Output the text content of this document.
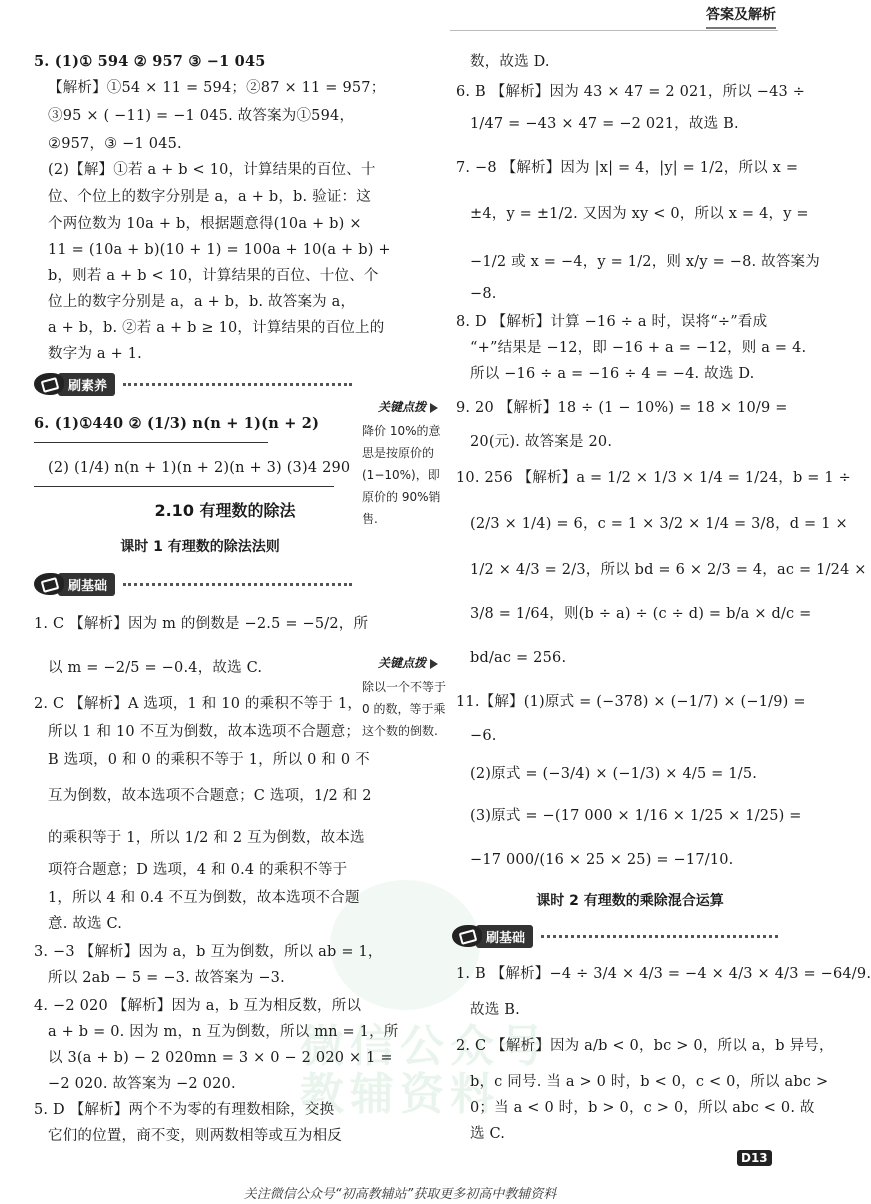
微信公众号
教辅资料
答案及解析
5. (1)① 594 ② 957 ③ −1 045
【解析】①54 × 11 = 594；②87 × 11 = 957；
③95 × ( −11) = −1 045. 故答案为①594，
②957，③ −1 045.
(2)【解】①若 a + b < 10，计算结果的百位、十
位、个位上的数字分别是 a，a + b，b. 验证：这
个两位数为 10a + b，根据题意得(10a + b) ×
11 = (10a + b)(10 + 1) = 100a + 10(a + b) +
b，则若 a + b < 10，计算结果的百位、十位、个
位上的数字分别是 a，a + b，b. 故答案为 a，
a + b，b. ②若 a + b ≥ 10，计算结果的百位上的
数字为 a + 1.
刷素养
6. (1)①440 ② (1/3) n(n + 1)(n + 2)
(2) (1/4) n(n + 1)(n + 2)(n + 3) (3)4 290
2.10 有理数的除法
课时 1 有理数的除法法则
刷基础
1. C 【解析】因为 m 的倒数是 −2.5 = −5/2，所
以 m = −2/5 = −0.4，故选 C.
2. C 【解析】A 选项，1 和 10 的乘积不等于 1，
所以 1 和 10 不互为倒数，故本选项不合题意；
B 选项，0 和 0 的乘积不等于 1，所以 0 和 0 不
互为倒数，故本选项不合题意；C 选项，1/2 和 2
的乘积等于 1，所以 1/2 和 2 互为倒数，故本选
项符合题意；D 选项，4 和 0.4 的乘积不等于
1，所以 4 和 0.4 不互为倒数，故本选项不合题
意. 故选 C.
3. −3 【解析】因为 a，b 互为倒数，所以 ab = 1，
所以 2ab − 5 = −3. 故答案为 −3.
4. −2 020 【解析】因为 a，b 互为相反数，所以
a + b = 0. 因为 m，n 互为倒数，所以 mn = 1，所
以 3(a + b) − 2 020mn = 3 × 0 − 2 020 × 1 =
−2 020. 故答案为 −2 020.
5. D 【解析】两个不为零的有理数相除，交换
它们的位置，商不变，则两数相等或互为相反
关键点拨
降价 10%的意思是按原价的(1−10%)，即原价的 90%销售.
关键点拨
除以一个不等于 0 的数，等于乘这个数的倒数.
数，故选 D.
6. B 【解析】因为 43 × 47 = 2 021，所以 −43 ÷
1/47 = −43 × 47 = −2 021，故选 B.
7. −8 【解析】因为 |x| = 4，|y| = 1/2，所以 x =
±4，y = ±1/2. 又因为 xy < 0，所以 x = 4，y =
−1/2 或 x = −4，y = 1/2，则 x/y = −8. 故答案为
−8.
8. D 【解析】计算 −16 ÷ a 时，误将“÷”看成
“+”结果是 −12，即 −16 + a = −12，则 a = 4.
所以 −16 ÷ a = −16 ÷ 4 = −4. 故选 D.
9. 20 【解析】18 ÷ (1 − 10%) = 18 × 10/9 =
20(元). 故答案是 20.
10. 256 【解析】a = 1/2 × 1/3 × 1/4 = 1/24，b = 1 ÷
(2/3 × 1/4) = 6，c = 1 × 3/2 × 1/4 = 3/8，d = 1 ×
1/2 × 4/3 = 2/3，所以 bd = 6 × 2/3 = 4，ac = 1/24 ×
3/8 = 1/64，则(b ÷ a) ÷ (c ÷ d) = b/a × d/c =
bd/ac = 256.
11.【解】(1)原式 = (−378) × (−1/7) × (−1/9) =
−6.
(2)原式 = (−3/4) × (−1/3) × 4/5 = 1/5.
(3)原式 = −(17 000 × 1/16 × 1/25 × 1/25) =
−17 000/(16 × 25 × 25) = −17/10.
课时 2 有理数的乘除混合运算
刷基础
1. B 【解析】−4 ÷ 3/4 × 4/3 = −4 × 4/3 × 4/3 = −64/9.
故选 B.
2. C 【解析】因为 a/b < 0，bc > 0，所以 a，b 异号，
b，c 同号. 当 a > 0 时，b < 0，c < 0，所以 abc >
0；当 a < 0 时，b > 0，c > 0，所以 abc < 0. 故
选 C.
D13
关注微信公众号“初高教辅站”获取更多初高中教辅资料
